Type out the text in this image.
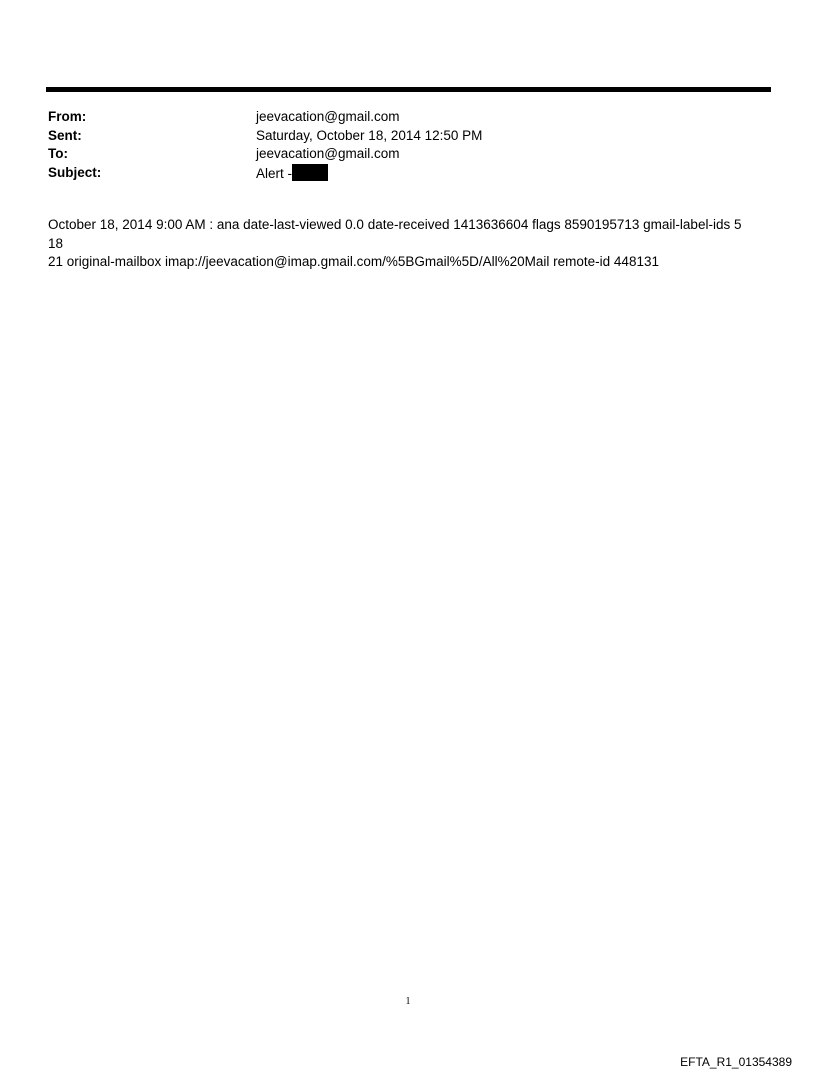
From:	jeevacation@gmail.com
Sent:	Saturday, October 18, 2014 12:50 PM
To:	jeevacation@gmail.com
Subject:	Alert -
October 18, 2014 9:00 AM : ana date-last-viewed 0.0 date-received 1413636604 flags 8590195713 gmail-label-ids 5 18
21 original-mailbox imap://jeevacation@imap.gmail.com/%5BGmail%5D/All%20Mail remote-id 448131
1
EFTA_R1_01354389
